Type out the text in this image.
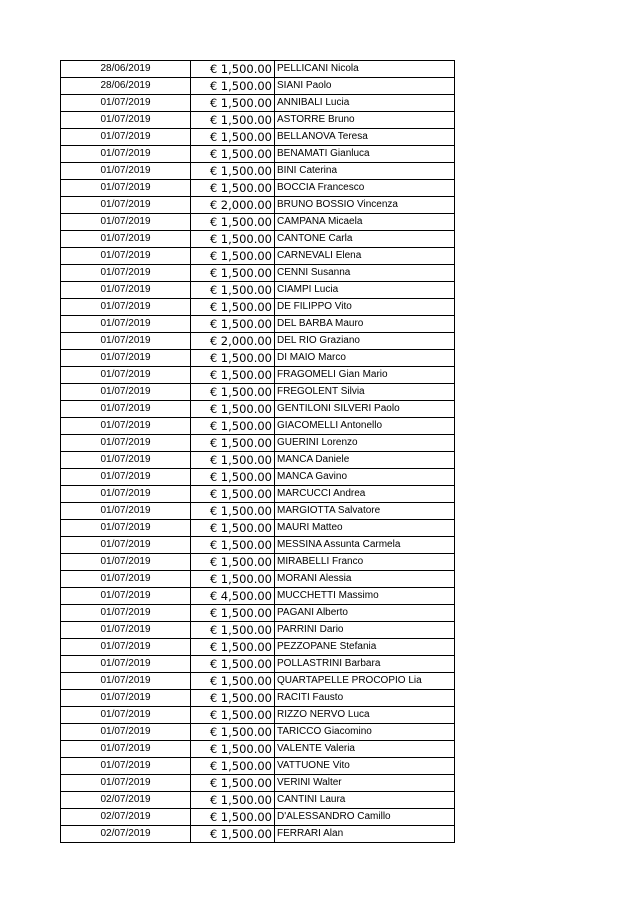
28/06/2019	€ 1,500.00	PELLICANI Nicola
28/06/2019	€ 1,500.00	SIANI Paolo
01/07/2019	€ 1,500.00	ANNIBALI Lucia
01/07/2019	€ 1,500.00	ASTORRE Bruno
01/07/2019	€ 1,500.00	BELLANOVA Teresa
01/07/2019	€ 1,500.00	BENAMATI Gianluca
01/07/2019	€ 1,500.00	BINI Caterina
01/07/2019	€ 1,500.00	BOCCIA Francesco
01/07/2019	€ 2,000.00	BRUNO BOSSIO Vincenza
01/07/2019	€ 1,500.00	CAMPANA Micaela
01/07/2019	€ 1,500.00	CANTONE Carla
01/07/2019	€ 1,500.00	CARNEVALI Elena
01/07/2019	€ 1,500.00	CENNI Susanna
01/07/2019	€ 1,500.00	CIAMPI Lucia
01/07/2019	€ 1,500.00	DE FILIPPO Vito
01/07/2019	€ 1,500.00	DEL BARBA Mauro
01/07/2019	€ 2,000.00	DEL RIO Graziano
01/07/2019	€ 1,500.00	DI MAIO Marco
01/07/2019	€ 1,500.00	FRAGOMELI Gian Mario
01/07/2019	€ 1,500.00	FREGOLENT Silvia
01/07/2019	€ 1,500.00	GENTILONI SILVERI Paolo
01/07/2019	€ 1,500.00	GIACOMELLI Antonello
01/07/2019	€ 1,500.00	GUERINI Lorenzo
01/07/2019	€ 1,500.00	MANCA Daniele
01/07/2019	€ 1,500.00	MANCA Gavino
01/07/2019	€ 1,500.00	MARCUCCI Andrea
01/07/2019	€ 1,500.00	MARGIOTTA Salvatore
01/07/2019	€ 1,500.00	MAURI Matteo
01/07/2019	€ 1,500.00	MESSINA Assunta Carmela
01/07/2019	€ 1,500.00	MIRABELLI Franco
01/07/2019	€ 1,500.00	MORANI Alessia
01/07/2019	€ 4,500.00	MUCCHETTI Massimo
01/07/2019	€ 1,500.00	PAGANI Alberto
01/07/2019	€ 1,500.00	PARRINI Dario
01/07/2019	€ 1,500.00	PEZZOPANE Stefania
01/07/2019	€ 1,500.00	POLLASTRINI Barbara
01/07/2019	€ 1,500.00	QUARTAPELLE PROCOPIO Lia
01/07/2019	€ 1,500.00	RACITI Fausto
01/07/2019	€ 1,500.00	RIZZO NERVO Luca
01/07/2019	€ 1,500.00	TARICCO Giacomino
01/07/2019	€ 1,500.00	VALENTE Valeria
01/07/2019	€ 1,500.00	VATTUONE Vito
01/07/2019	€ 1,500.00	VERINI Walter
02/07/2019	€ 1,500.00	CANTINI Laura
02/07/2019	€ 1,500.00	D'ALESSANDRO Camillo
02/07/2019	€ 1,500.00	FERRARI Alan
